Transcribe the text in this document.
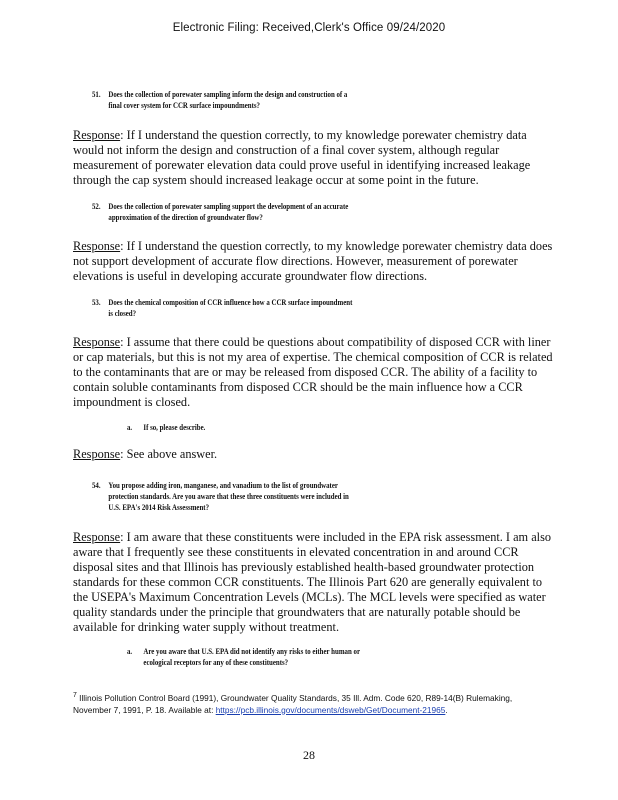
Electronic Filing: Received,Clerk's Office 09/24/2020
51. Does the collection of porewater sampling inform the design and construction of a
final cover system for CCR surface impoundments?

Response: If I understand the question correctly, to my knowledge porewater chemistry data would not inform the design and construction of a final cover system, although regular measurement of porewater elevation data could prove useful in identifying increased leakage through the cap system should increased leakage occur at some point in the future.

52. Does the collection of porewater sampling support the development of an accurate
approximation of the direction of groundwater flow?

Response: If I understand the question correctly, to my knowledge porewater chemistry data does not support development of accurate flow directions. However, measurement of porewater elevations is useful in developing accurate groundwater flow directions.

53. Does the chemical composition of CCR influence how a CCR surface impoundment
is closed?

Response: I assume that there could be questions about compatibility of disposed CCR with liner or cap materials, but this is not my area of expertise. The chemical composition of CCR is related to the contaminants that are or may be released from disposed CCR. The ability of a facility to contain soluble contaminants from disposed CCR should be the main influence how a CCR impoundment is closed.

a. If so, please describe.

Response: See above answer.

54. You propose adding iron, manganese, and vanadium to the list of groundwater
protection standards. Are you aware that these three constituents were included in
U.S. EPA's 2014 Risk Assessment?

Response: I am aware that these constituents were included in the EPA risk assessment. I am also aware that I frequently see these constituents in elevated concentration in and around CCR disposal sites and that Illinois has previously established health-based groundwater protection standards for these common CCR constituents. The Illinois Part 620 are generally equivalent to the USEPA's Maximum Concentration Levels (MCLs). The MCL levels were specified as water quality standards under the principle that groundwaters that are naturally potable should be available for drinking water supply without treatment.

a. Are you aware that U.S. EPA did not identify any risks to either human or
ecological receptors for any of these constituents?
$^7$ Illinois Pollution Control Board (1991), Groundwater Quality Standards, 35 Ill. Adm. Code 620, R89-14(B) Rulemaking, November 7, 1991, P. 18. Available at: https://pcb.illinois.gov/documents/dsweb/Get/Document-21965.
28
